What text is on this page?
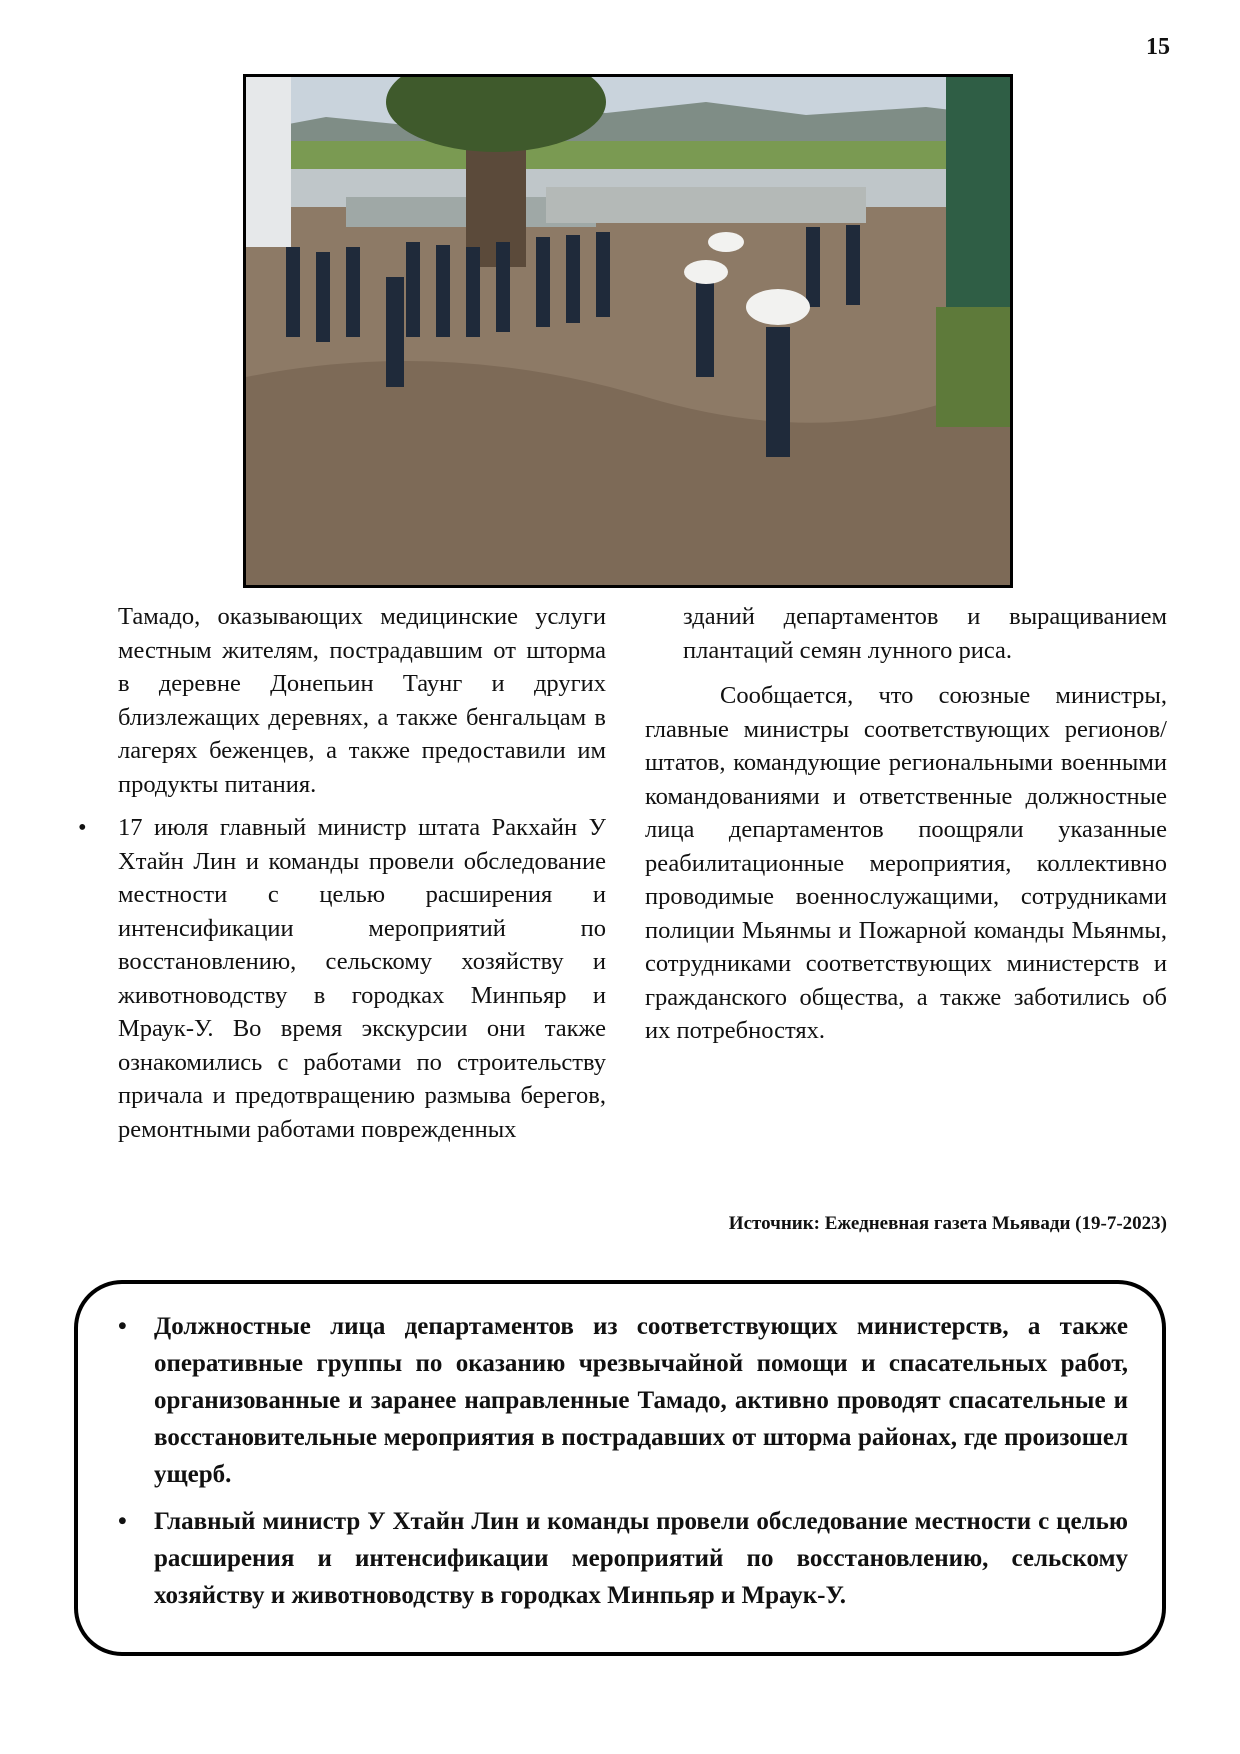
15

Тамадо, оказывающих медицинские услуги местным жителям, пострадавшим от шторма в деревне Донепьин Таунг и других близлежащих деревнях, а также бенгальцам в лагерях беженцев, а также предоставили им продукты питания.

• 17 июля главный министр штата Ракхайн У Хтайн Лин и команды провели обследование местности с целью расширения и интенсификации мероприятий по восстановлению, сельскому хозяйству и животноводству в городках Минпьяр и Мраук-У. Во время экскурсии они также ознакомились с работами по строительству причала и предотвращению размыва берегов, ремонтными работами поврежденных

зданий департаментов и выращиванием плантаций семян лунного риса.

Сообщается, что союзные министры, главные министры соответствующих регионов/штатов, командующие региональными военными командованиями и ответственные должностные лица департаментов поощряли указанные реабилитационные мероприятия, коллективно проводимые военнослужащими, сотрудниками полиции Мьянмы и Пожарной команды Мьянмы, сотрудниками соответствующих министерств и гражданского общества, а также заботились об их потребностях.

Источник: Ежедневная газета Мьявади (19-7-2023)
• Должностные лица департаментов из соответствующих министерств, а также оперативные группы по оказанию чрезвычайной помощи и спасательных работ, организованные и заранее направленные Тамадо, активно проводят спасательные и восстановительные мероприятия в пострадавших от шторма районах, где произошел ущерб.
• Главный министр У Хтайн Лин и команды провели обследование местности с целью расширения и интенсификации мероприятий по восстановлению, сельскому хозяйству и животноводству в городках Минпьяр и Мраук-У.
